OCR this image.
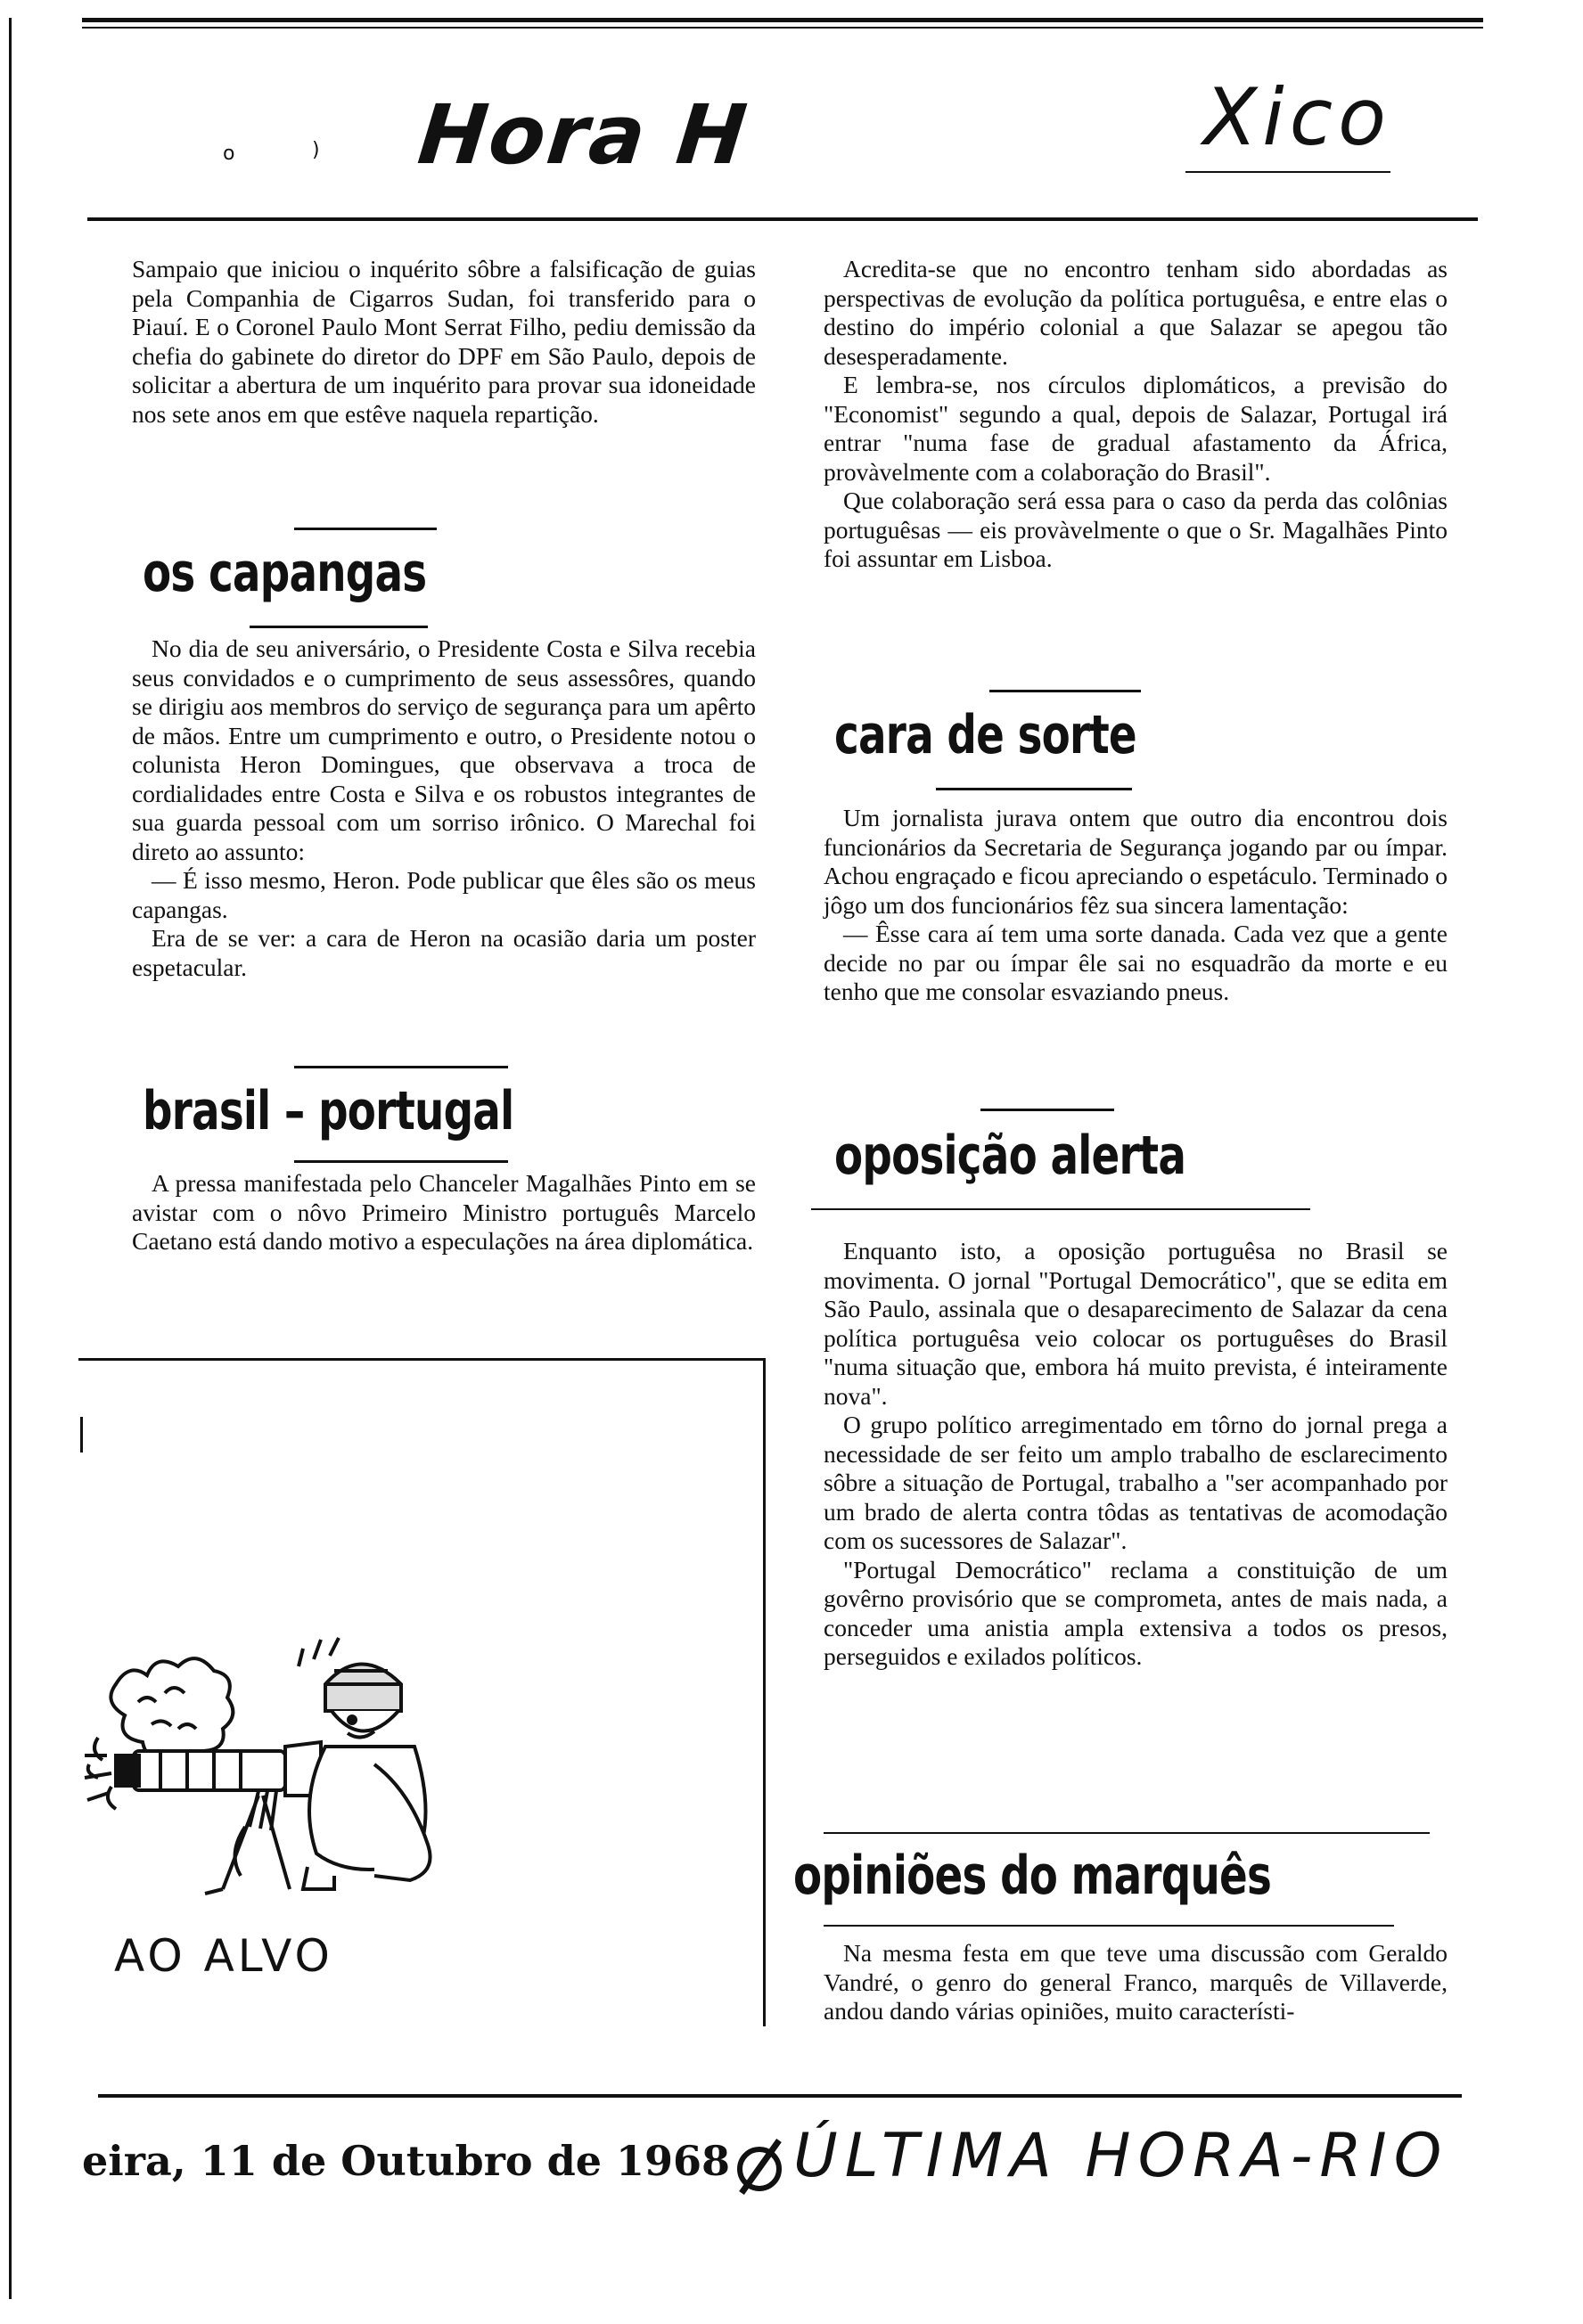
o	) Hora H	Xico

Sampaio que iniciou o inquérito sôbre a falsificação de guias pela Companhia de Cigarros Sudan, foi transferido para o Piauí. E o Coronel Paulo Mont Serrat Filho, pediu demissão da chefia do gabinete do diretor do DPF em São Paulo, depois de solicitar a abertura de um inquérito para provar sua idoneidade nos sete anos em que estêve naquela repartição.

os capangas

No dia de seu aniversário, o Presidente Costa e Silva recebia seus convidados e o cumprimento de seus assessôres, quando se dirigiu aos membros do serviço de segurança para um apêrto de mãos. Entre um cumprimento e outro, o Presidente notou o colunista Heron Domingues, que observava a troca de cordialidades entre Costa e Silva e os robustos integrantes de sua guarda pessoal com um sorriso irônico. O Marechal foi direto ao assunto:

— É isso mesmo, Heron. Pode publicar que êles são os meus capangas.

Era de se ver: a cara de Heron na ocasião daria um poster espetacular.

brasil – portugal

A pressa manifestada pelo Chanceler Magalhães Pinto em se avistar com o nôvo Primeiro Ministro português Marcelo Caetano está dando motivo a especulações na área diplomática.

AO ALVO

Acredita-se que no encontro tenham sido abordadas as perspectivas de evolução da política portuguêsa, e entre elas o destino do império colonial a que Salazar se apegou tão desesperadamente.

E lembra-se, nos círculos diplomáticos, a previsão do "Economist" segundo a qual, depois de Salazar, Portugal irá entrar "numa fase de gradual afastamento da África, provàvelmente com a colaboração do Brasil".

Que colaboração será essa para o caso da perda das colônias portuguêsas — eis provàvelmente o que o Sr. Magalhães Pinto foi assuntar em Lisboa.

cara de sorte

Um jornalista jurava ontem que outro dia encontrou dois funcionários da Secretaria de Segurança jogando par ou ímpar. Achou engraçado e ficou apreciando o espetáculo. Terminado o jôgo um dos funcionários fêz sua sincera lamentação:

— Êsse cara aí tem uma sorte danada. Cada vez que a gente decide no par ou ímpar êle sai no esquadrão da morte e eu tenho que me consolar esvaziando pneus.

oposição alerta

Enquanto isto, a oposição portuguêsa no Brasil se movimenta. O jornal "Portugal Democrático", que se edita em São Paulo, assinala que o desaparecimento de Salazar da cena política portuguêsa veio colocar os portuguêses do Brasil "numa situação que, embora há muito prevista, é inteiramente nova".

O grupo político arregimentado em tôrno do jornal prega a necessidade de ser feito um amplo trabalho de esclarecimento sôbre a situação de Portugal, trabalho a "ser acompanhado por um brado de alerta contra tôdas as tentativas de acomodação com os sucessores de Salazar".

"Portugal Democrático" reclama a constituição de um govêrno provisório que se comprometa, antes de mais nada, a conceder uma anistia ampla extensiva a todos os presos, perseguidos e exilados políticos.

opiniões do marquês

Na mesma festa em que teve uma discussão com Geraldo Vandré, o genro do general Franco, marquês de Villaverde, andou dando várias opiniões, muito característi-

eira, 11 de Outubro de 1968 ÚLTIMA HORA-RIO
